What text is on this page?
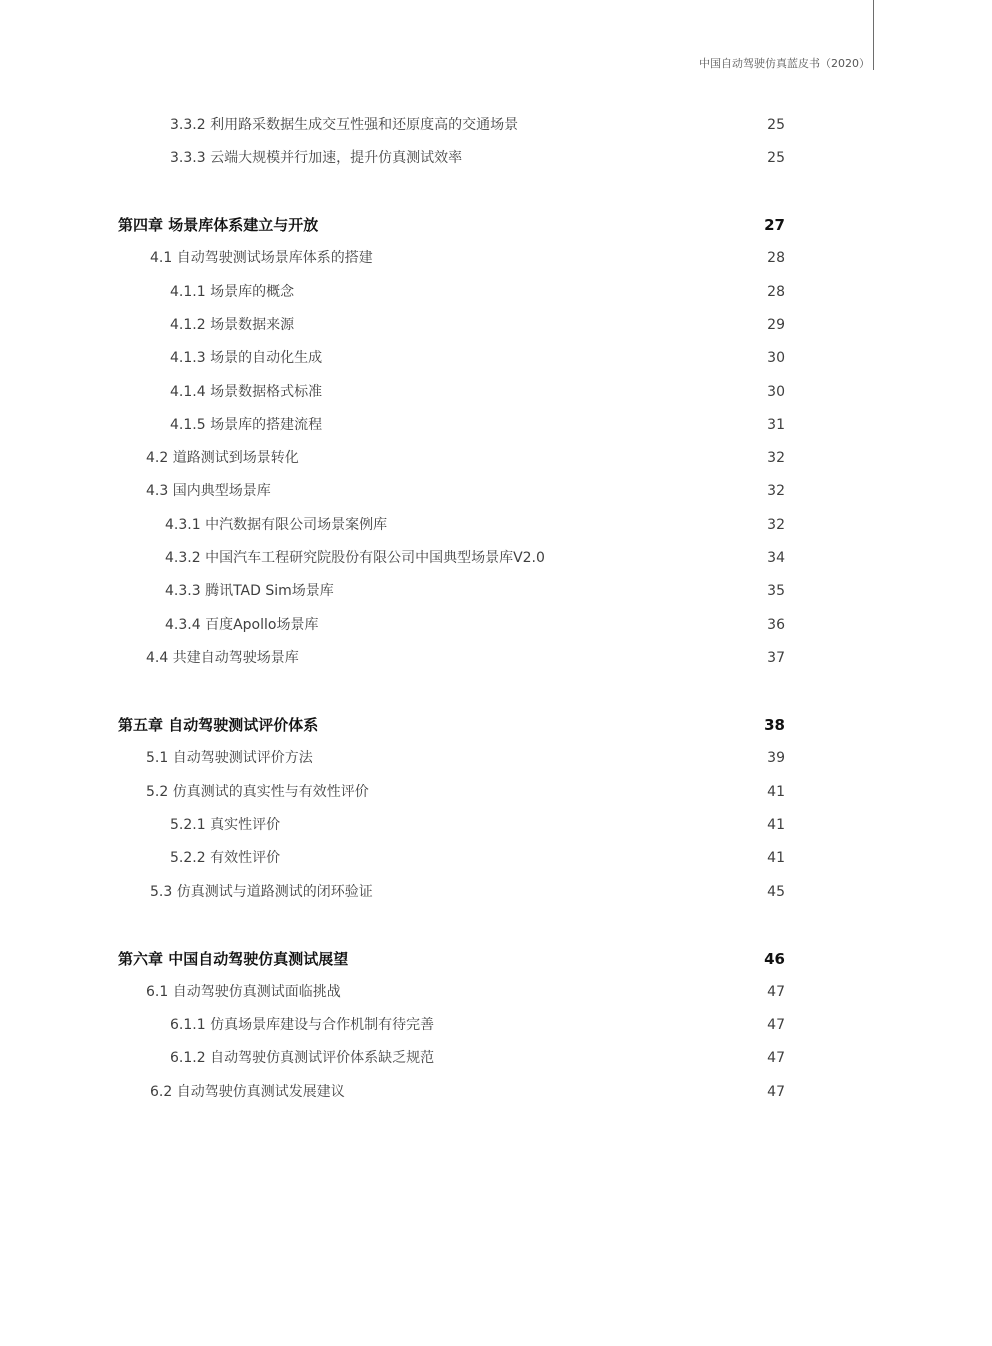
中国自动驾驶仿真蓝皮书（2020）
3.3.2 利用路采数据生成交互性强和还原度高的交通场景	25
3.3.3 云端大规模并行加速，提升仿真测试效率	25
第四章 场景库体系建立与开放	27
4.1 自动驾驶测试场景库体系的搭建	28
4.1.1 场景库的概念	28
4.1.2 场景数据来源	29
4.1.3 场景的自动化生成	30
4.1.4 场景数据格式标准	30
4.1.5 场景库的搭建流程	31
4.2 道路测试到场景转化	32
4.3 国内典型场景库	32
4.3.1 中汽数据有限公司场景案例库	32
4.3.2 中国汽车工程研究院股份有限公司中国典型场景库V2.0	34
4.3.3 腾讯TAD Sim场景库	35
4.3.4 百度Apollo场景库	36
4.4 共建自动驾驶场景库	37
第五章 自动驾驶测试评价体系	38
5.1 自动驾驶测试评价方法	39
5.2 仿真测试的真实性与有效性评价	41
5.2.1 真实性评价	41
5.2.2 有效性评价	41
5.3 仿真测试与道路测试的闭环验证	45
第六章 中国自动驾驶仿真测试展望	46
6.1 自动驾驶仿真测试面临挑战	47
6.1.1 仿真场景库建设与合作机制有待完善	47
6.1.2 自动驾驶仿真测试评价体系缺乏规范	47
6.2 自动驾驶仿真测试发展建议	47
